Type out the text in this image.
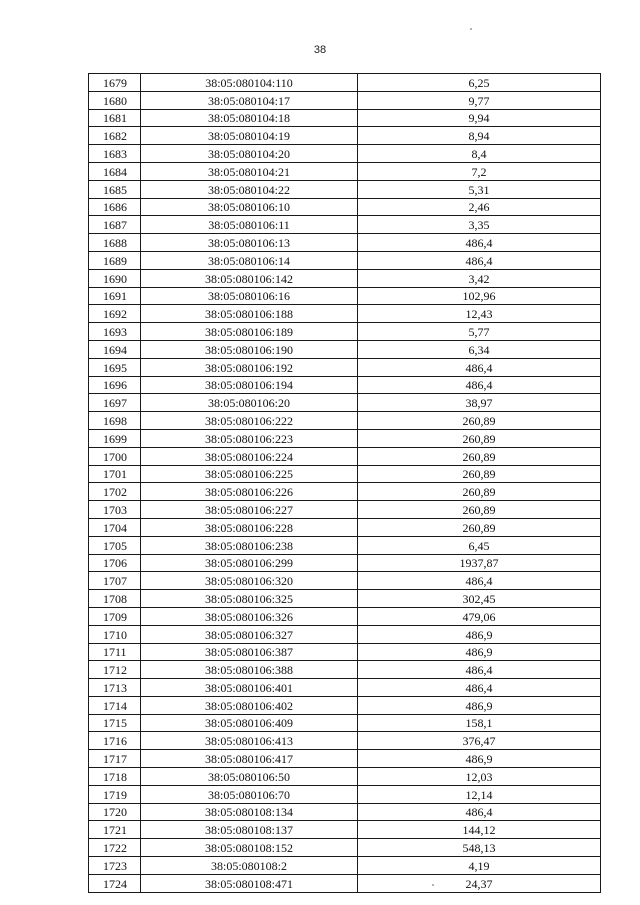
38
1679	38:05:080104:110	6,25
1680	38:05:080104:17	9,77
1681	38:05:080104:18	9,94
1682	38:05:080104:19	8,94
1683	38:05:080104:20	8,4
1684	38:05:080104:21	7,2
1685	38:05:080104:22	5,31
1686	38:05:080106:10	2,46
1687	38:05:080106:11	3,35
1688	38:05:080106:13	486,4
1689	38:05:080106:14	486,4
1690	38:05:080106:142	3,42
1691	38:05:080106:16	102,96
1692	38:05:080106:188	12,43
1693	38:05:080106:189	5,77
1694	38:05:080106:190	6,34
1695	38:05:080106:192	486,4
1696	38:05:080106:194	486,4
1697	38:05:080106:20	38,97
1698	38:05:080106:222	260,89
1699	38:05:080106:223	260,89
1700	38:05:080106:224	260,89
1701	38:05:080106:225	260,89
1702	38:05:080106:226	260,89
1703	38:05:080106:227	260,89
1704	38:05:080106:228	260,89
1705	38:05:080106:238	6,45
1706	38:05:080106:299	1937,87
1707	38:05:080106:320	486,4
1708	38:05:080106:325	302,45
1709	38:05:080106:326	479,06
1710	38:05:080106:327	486,9
1711	38:05:080106:387	486,9
1712	38:05:080106:388	486,4
1713	38:05:080106:401	486,4
1714	38:05:080106:402	486,9
1715	38:05:080106:409	158,1
1716	38:05:080106:413	376,47
1717	38:05:080106:417	486,9
1718	38:05:080106:50	12,03
1719	38:05:080106:70	12,14
1720	38:05:080108:134	486,4
1721	38:05:080108:137	144,12
1722	38:05:080108:152	548,13
1723	38:05:080108:2	4,19
1724	38:05:080108:471	24,37
